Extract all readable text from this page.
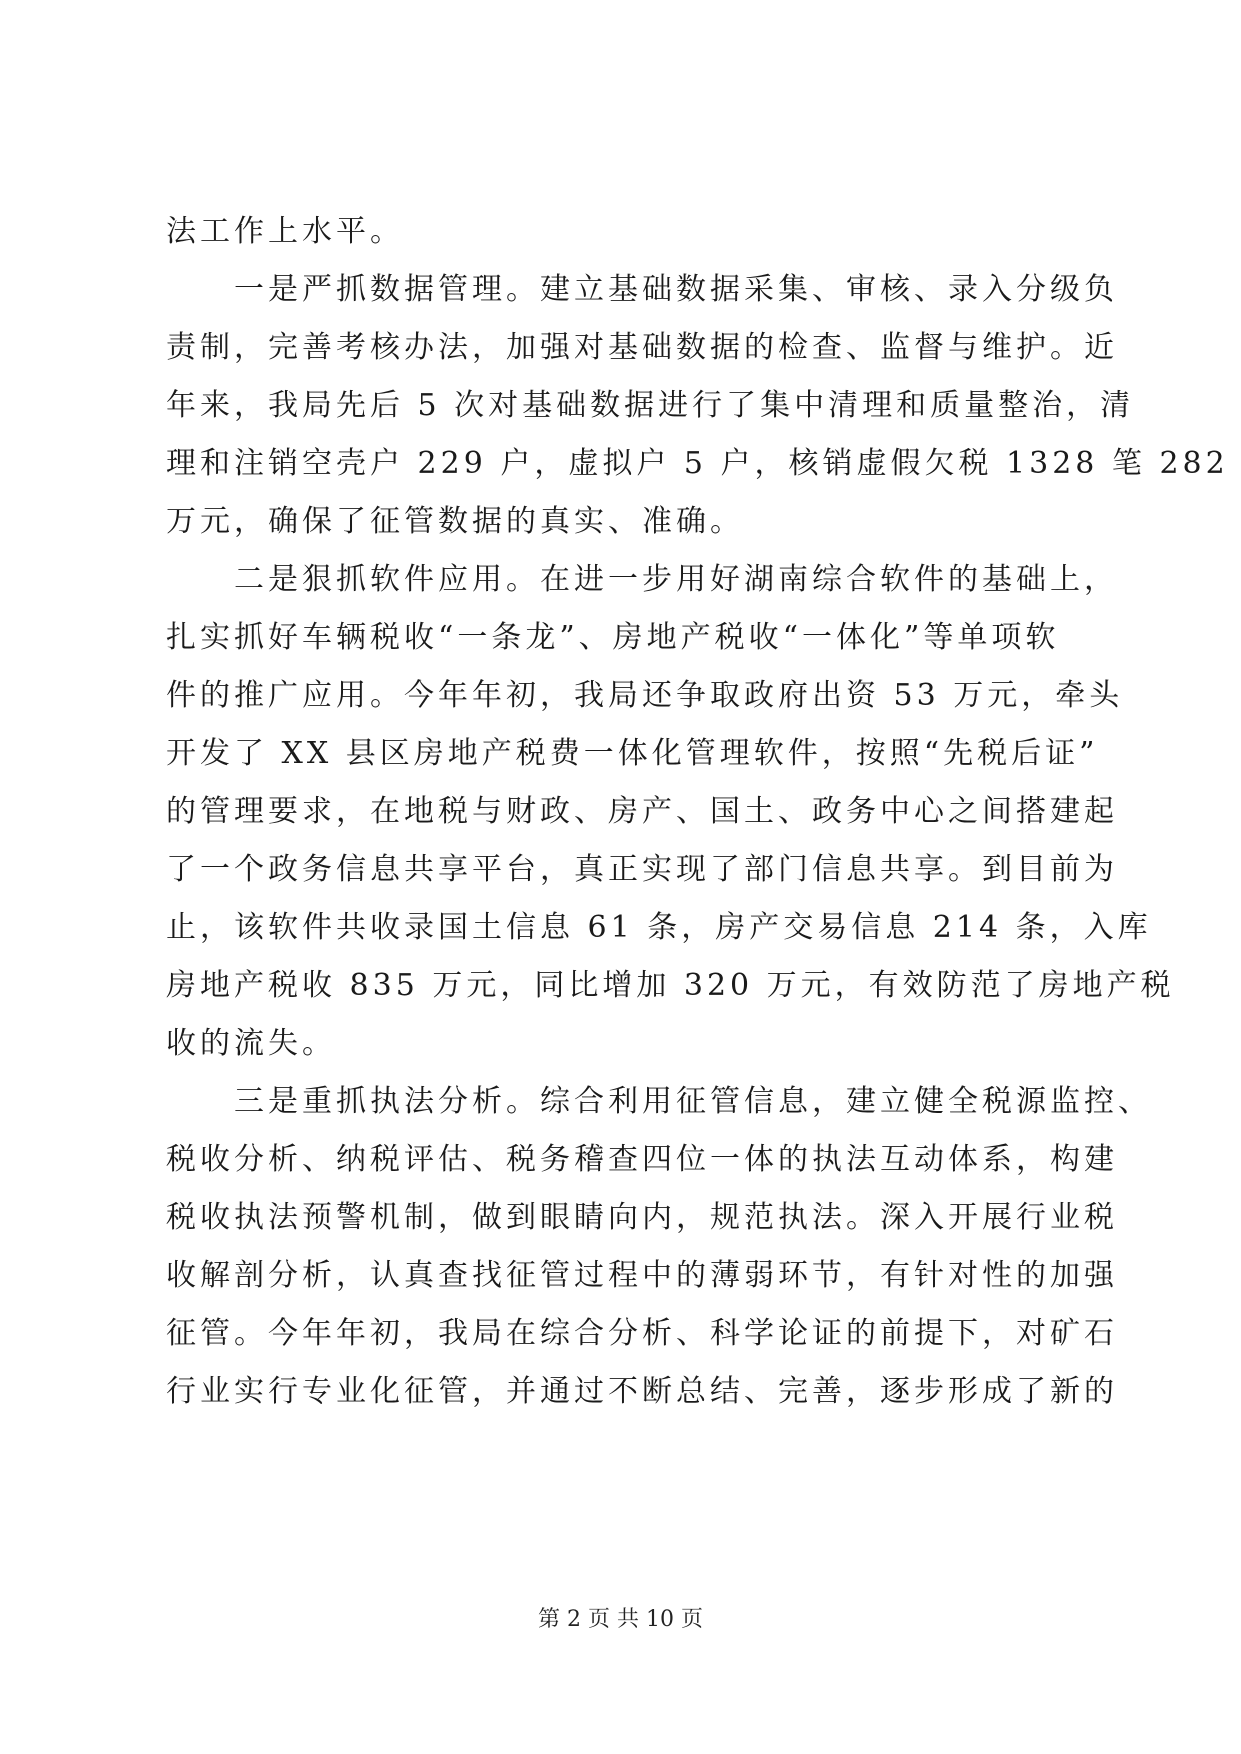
法工作上水平。
　　一是严抓数据管理。建立基础数据采集、审核、录入分级负
责制，完善考核办法，加强对基础数据的检查、监督与维护。近
年来，我局先后 5 次对基础数据进行了集中清理和质量整治，清
理和注销空壳户 229 户，虚拟户 5 户，核销虚假欠税 1328 笔 282
万元，确保了征管数据的真实、准确。
　　二是狠抓软件应用。在进一步用好湖南综合软件的基础上，
扎实抓好车辆税收“一条龙”、房地产税收“一体化”等单项软
件的推广应用。今年年初，我局还争取政府出资 53 万元，牵头
开发了 XX 县区房地产税费一体化管理软件，按照“先税后证”
的管理要求，在地税与财政、房产、国土、政务中心之间搭建起
了一个政务信息共享平台，真正实现了部门信息共享。到目前为
止，该软件共收录国土信息 61 条，房产交易信息 214 条，入库
房地产税收 835 万元，同比增加 320 万元，有效防范了房地产税
收的流失。
　　三是重抓执法分析。综合利用征管信息，建立健全税源监控、
税收分析、纳税评估、税务稽查四位一体的执法互动体系，构建
税收执法预警机制，做到眼睛向内，规范执法。深入开展行业税
收解剖分析，认真查找征管过程中的薄弱环节，有针对性的加强
征管。今年年初，我局在综合分析、科学论证的前提下，对矿石
行业实行专业化征管，并通过不断总结、完善，逐步形成了新的
第 2 页 共 10 页
